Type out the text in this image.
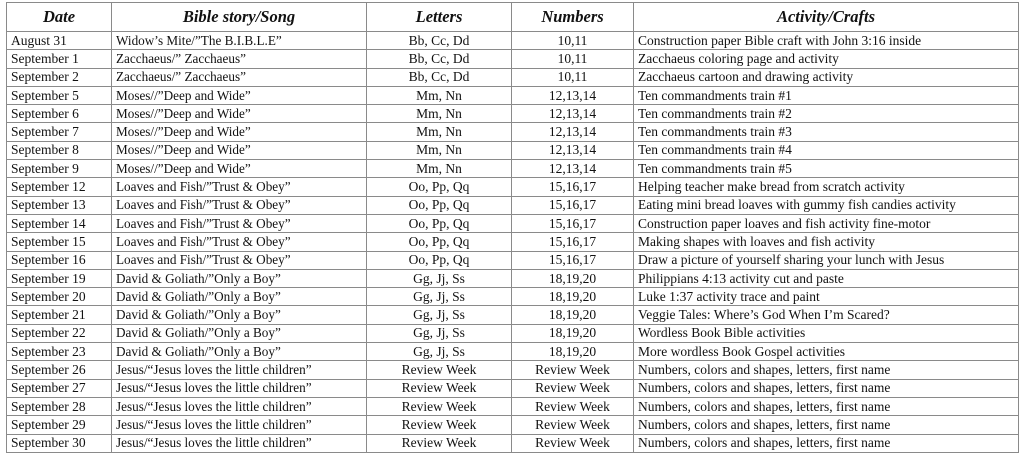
Date	Bible story/Song	Letters	Numbers	Activity/Crafts
August 31	Widow’s Mite/”The B.I.B.L.E”	Bb, Cc, Dd	10,11	Construction paper Bible craft with John 3:16 inside
September 1	Zacchaeus/” Zacchaeus”	Bb, Cc, Dd	10,11	Zacchaeus coloring page and activity
September 2	Zacchaeus/” Zacchaeus”	Bb, Cc, Dd	10,11	Zacchaeus cartoon and drawing activity
September 5	Moses//”Deep and Wide”	Mm, Nn	12,13,14	Ten commandments train #1
September 6	Moses//”Deep and Wide”	Mm, Nn	12,13,14	Ten commandments train #2
September 7	Moses//”Deep and Wide”	Mm, Nn	12,13,14	Ten commandments train #3
September 8	Moses//”Deep and Wide”	Mm, Nn	12,13,14	Ten commandments train #4
September 9	Moses//”Deep and Wide”	Mm, Nn	12,13,14	Ten commandments train #5
September 12	Loaves and Fish/”Trust & Obey”	Oo, Pp, Qq	15,16,17	Helping teacher make bread from scratch activity
September 13	Loaves and Fish/”Trust & Obey”	Oo, Pp, Qq	15,16,17	Eating mini bread loaves with gummy fish candies activity
September 14	Loaves and Fish/”Trust & Obey”	Oo, Pp, Qq	15,16,17	Construction paper loaves and fish activity fine-motor
September 15	Loaves and Fish/”Trust & Obey”	Oo, Pp, Qq	15,16,17	Making shapes with loaves and fish activity
September 16	Loaves and Fish/”Trust & Obey”	Oo, Pp, Qq	15,16,17	Draw a picture of yourself sharing your lunch with Jesus
September 19	David & Goliath/”Only a Boy”	Gg, Jj, Ss	18,19,20	Philippians 4:13 activity cut and paste
September 20	David & Goliath/”Only a Boy”	Gg, Jj, Ss	18,19,20	Luke 1:37 activity trace and paint
September 21	David & Goliath/”Only a Boy”	Gg, Jj, Ss	18,19,20	Veggie Tales: Where’s God When I’m Scared?
September 22	David & Goliath/”Only a Boy”	Gg, Jj, Ss	18,19,20	Wordless Book Bible activities
September 23	David & Goliath/”Only a Boy”	Gg, Jj, Ss	18,19,20	More wordless Book Gospel activities
September 26	Jesus/“Jesus loves the little children”	Review Week	Review Week	Numbers, colors and shapes, letters, first name
September 27	Jesus/“Jesus loves the little children”	Review Week	Review Week	Numbers, colors and shapes, letters, first name
September 28	Jesus/“Jesus loves the little children”	Review Week	Review Week	Numbers, colors and shapes, letters, first name
September 29	Jesus/“Jesus loves the little children”	Review Week	Review Week	Numbers, colors and shapes, letters, first name
September 30	Jesus/“Jesus loves the little children”	Review Week	Review Week	Numbers, colors and shapes, letters, first name
